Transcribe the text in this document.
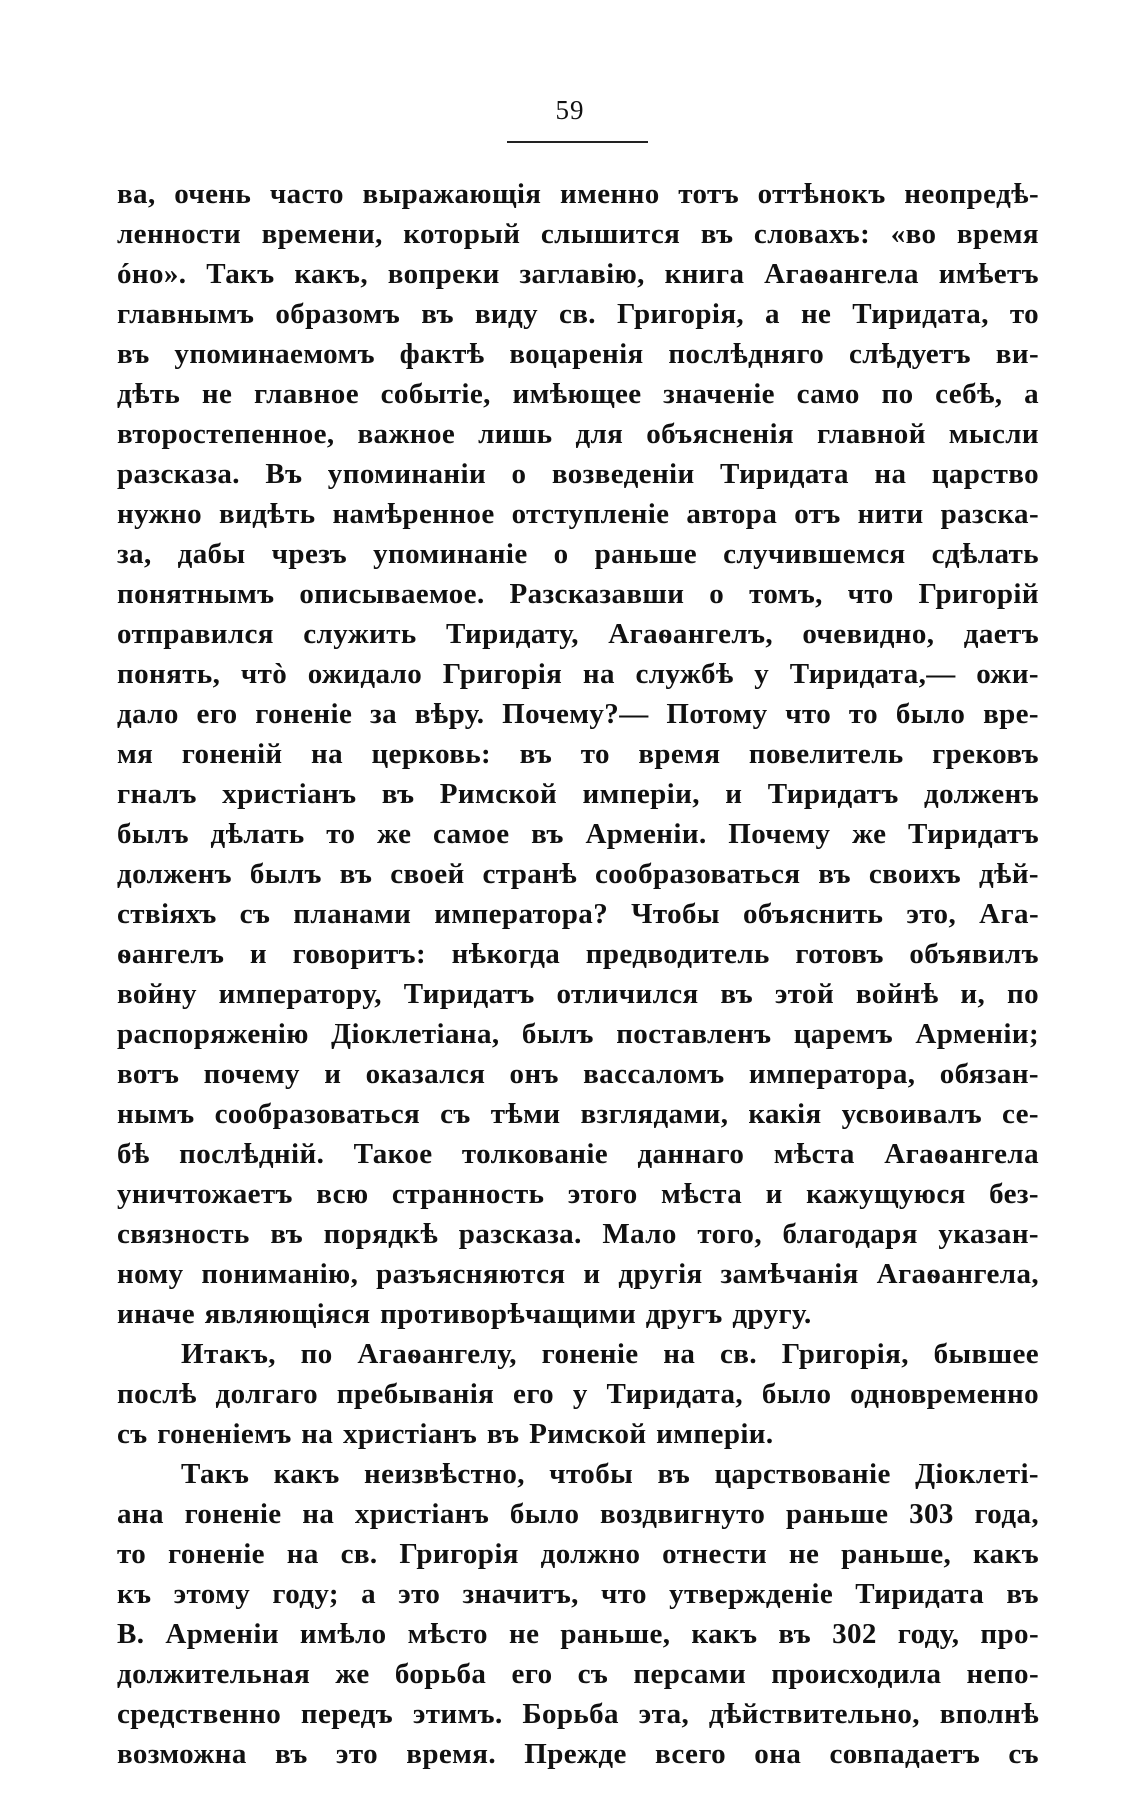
59
ва, очень часто выражающія именно тотъ оттѣнокъ неопредѣ-
ленности времени, который слышится въ словахъ: «во время
óно». Такъ какъ, вопреки заглавію, книга Агаѳангела имѣетъ
главнымъ образомъ въ виду св. Григорія, а не Тиридата, то
въ упоминаемомъ фактѣ воцаренія послѣдняго слѣдуетъ ви-
дѣть не главное событіе, имѣющее значеніе само по себѣ, а
второстепенное, важное лишь для объясненія главной мысли
разсказа. Въ упоминаніи о возведеніи Тиридата на царство
нужно видѣть намѣренное отступленіе автора отъ нити разска-
за, дабы чрезъ упоминаніе о раньше случившемся сдѣлать
понятнымъ описываемое. Разсказавши о томъ, что Григорій
отправился служить Тиридату, Агаѳангелъ, очевидно, даетъ
понять, чтò ожидало Григорія на службѣ у Тиридата,— ожи-
дало его гоненіе за вѣру. Почему?— Потому что то было вре-
мя гоненій на церковь: въ то время повелитель грековъ
гналъ христіанъ въ Римской имперіи, и Тиридатъ долженъ
былъ дѣлать то же самое въ Арменіи. Почему же Тиридатъ
долженъ былъ въ своей странѣ сообразоваться въ своихъ дѣй-
ствіяхъ съ планами императора? Чтобы объяснить это, Ага-
ѳангелъ и говоритъ: нѣкогда предводитель готовъ объявилъ
войну императору, Тиридатъ отличился въ этой войнѣ и, по
распоряженію Діоклетіана, былъ поставленъ царемъ Арменіи;
вотъ почему и оказался онъ вассаломъ императора, обязан-
нымъ сообразоваться съ тѣми взглядами, какія усвоивалъ се-
бѣ послѣдній. Такое толкованіе даннаго мѣста Агаѳангела
уничтожаетъ всю странность этого мѣста и кажущуюся без-
связность въ порядкѣ разсказа. Мало того, благодаря указан-
ному пониманію, разъясняются и другія замѣчанія Агаѳангела,
иначе являющіяся противорѣчащими другъ другу.
Итакъ, по Агаѳангелу, гоненіе на св. Григорія, бывшее
послѣ долгаго пребыванія его у Тиридата, было одновременно
съ гоненіемъ на христіанъ въ Римской имперіи.
Такъ какъ неизвѣстно, чтобы въ царствованіе Діоклеті-
ана гоненіе на христіанъ было воздвигнуто раньше 303 года,
то гоненіе на св. Григорія должно отнести не раньше, какъ
къ этому году; а это значитъ, что утвержденіе Тиридата въ
В. Арменіи имѣло мѣсто не раньше, какъ въ 302 году, про-
должительная же борьба его съ персами происходила непо-
средственно передъ этимъ. Борьба эта, дѣйствительно, вполнѣ
возможна въ это время. Прежде всего она совпадаетъ съ
